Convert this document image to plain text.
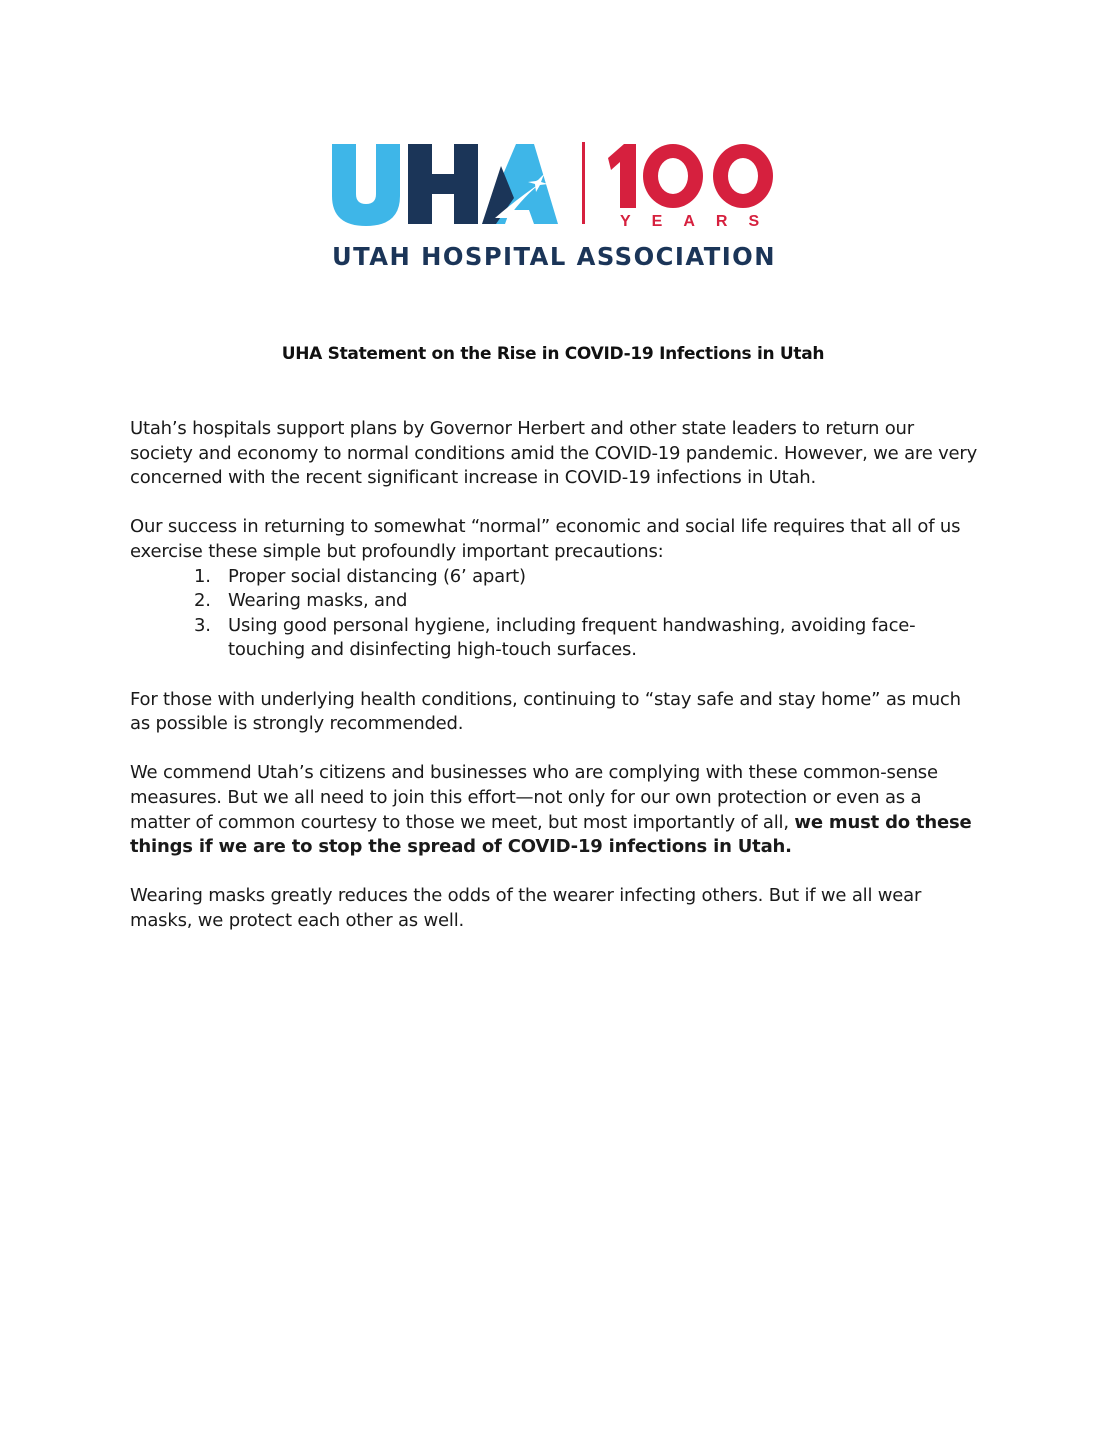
YEARS
UTAH HOSPITAL ASSOCIATION
UHA Statement on the Rise in COVID-19 Infections in Utah

Utah’s hospitals support plans by Governor Herbert and other state leaders to return our society and economy to normal conditions amid the COVID-19 pandemic. However, we are very concerned with the recent significant increase in COVID-19 infections in Utah.

Our success in returning to somewhat “normal” economic and social life requires that all of us exercise these simple but profoundly important precautions:

1. Proper social distancing (6’ apart)
2. Wearing masks, and
3. Using good personal hygiene, including frequent handwashing, avoiding face-touching and disinfecting high-touch surfaces.

For those with underlying health conditions, continuing to “stay safe and stay home” as much as possible is strongly recommended.

We commend Utah’s citizens and businesses who are complying with these common-sense measures. But we all need to join this effort—not only for our own protection or even as a matter of common courtesy to those we meet, but most importantly of all, we must do these things if we are to stop the spread of COVID-19 infections in Utah.

Wearing masks greatly reduces the odds of the wearer infecting others. But if we all wear masks, we protect each other as well.
